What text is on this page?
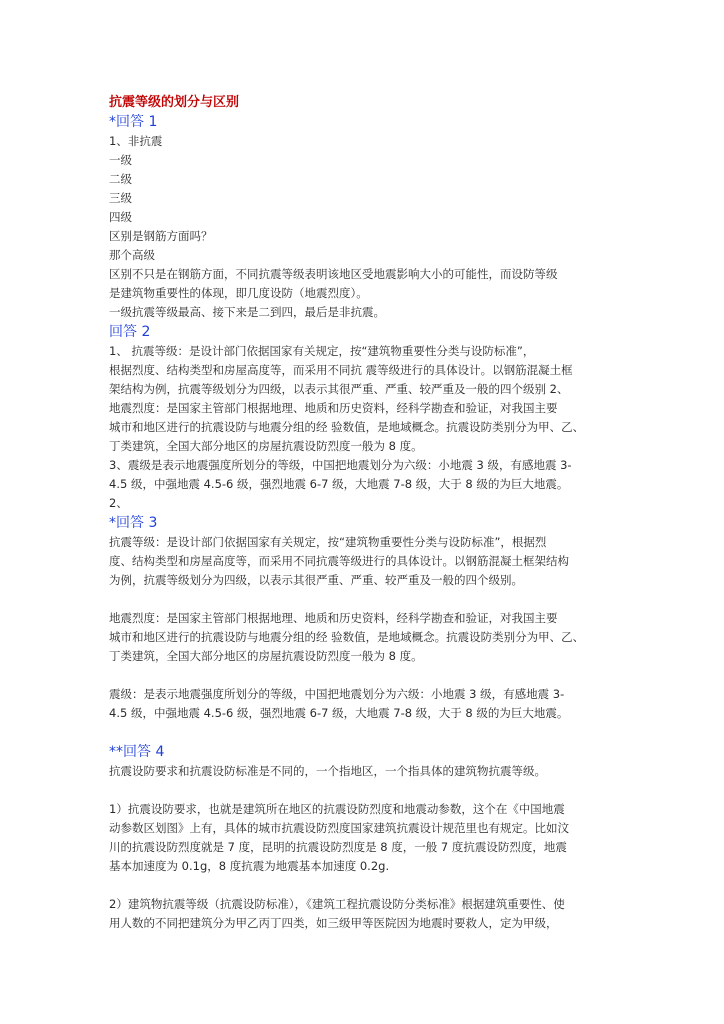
抗震等级的划分与区别
*回答 1

1、非抗震

一级

二级

三级

四级

区别是钢筋方面吗？

那个高级

区别不只是在钢筋方面，不同抗震等级表明该地区受地震影响大小的可能性，而设防等级

是建筑物重要性的体现，即几度设防（地震烈度）。

一级抗震等级最高、接下来是二到四，最后是非抗震。

回答 2

1、 抗震等级：是设计部门依据国家有关规定，按“建筑物重要性分类与设防标准”，

根据烈度、结构类型和房屋高度等，而采用不同抗 震等级进行的具体设计。以钢筋混凝土框

架结构为例，抗震等级划分为四级，以表示其很严重、严重、较严重及一般的四个级别 2、

地震烈度：是国家主管部门根据地理、地质和历史资料，经科学勘查和验证，对我国主要

城市和地区进行的抗震设防与地震分组的经 验数值，是地域概念。抗震设防类别分为甲、乙、

丁类建筑，全国大部分地区的房屋抗震设防烈度一般为 8 度。

3、震级是表示地震强度所划分的等级，中国把地震划分为六级：小地震 3 级，有感地震 3-

4.5 级，中强地震 4.5-6 级，强烈地震 6-7 级，大地震 7-8 级，大于 8 级的为巨大地震。

2、

*回答 3

抗震等级：是设计部门依据国家有关规定，按“建筑物重要性分类与设防标准”，根据烈

度、结构类型和房屋高度等，而采用不同抗震等级进行的具体设计。以钢筋混凝土框架结构

为例，抗震等级划分为四级，以表示其很严重、严重、较严重及一般的四个级别。

地震烈度：是国家主管部门根据地理、地质和历史资料，经科学勘查和验证，对我国主要

城市和地区进行的抗震设防与地震分组的经 验数值，是地域概念。抗震设防类别分为甲、乙、

丁类建筑，全国大部分地区的房屋抗震设防烈度一般为 8 度。

震级：是表示地震强度所划分的等级，中国把地震划分为六级：小地震 3 级，有感地震 3-

4.5 级，中强地震 4.5-6 级，强烈地震 6-7 级，大地震 7-8 级，大于 8 级的为巨大地震。

**回答 4

抗震设防要求和抗震设防标准是不同的，一个指地区，一个指具体的建筑物抗震等级。

1）抗震设防要求，也就是建筑所在地区的抗震设防烈度和地震动参数，这个在《中国地震

动参数区划图》上有，具体的城市抗震设防烈度国家建筑抗震设计规范里也有规定。比如汶

川的抗震设防烈度就是 7 度，昆明的抗震设防烈度是 8 度，一般 7 度抗震设防烈度，地震

基本加速度为 0.1g，8 度抗震为地震基本加速度 0.2g.

2）建筑物抗震等级（抗震设防标准），《建筑工程抗震设防分类标准》根据建筑重要性、使

用人数的不同把建筑分为甲乙丙丁四类，如三级甲等医院因为地震时要救人，定为甲级，
